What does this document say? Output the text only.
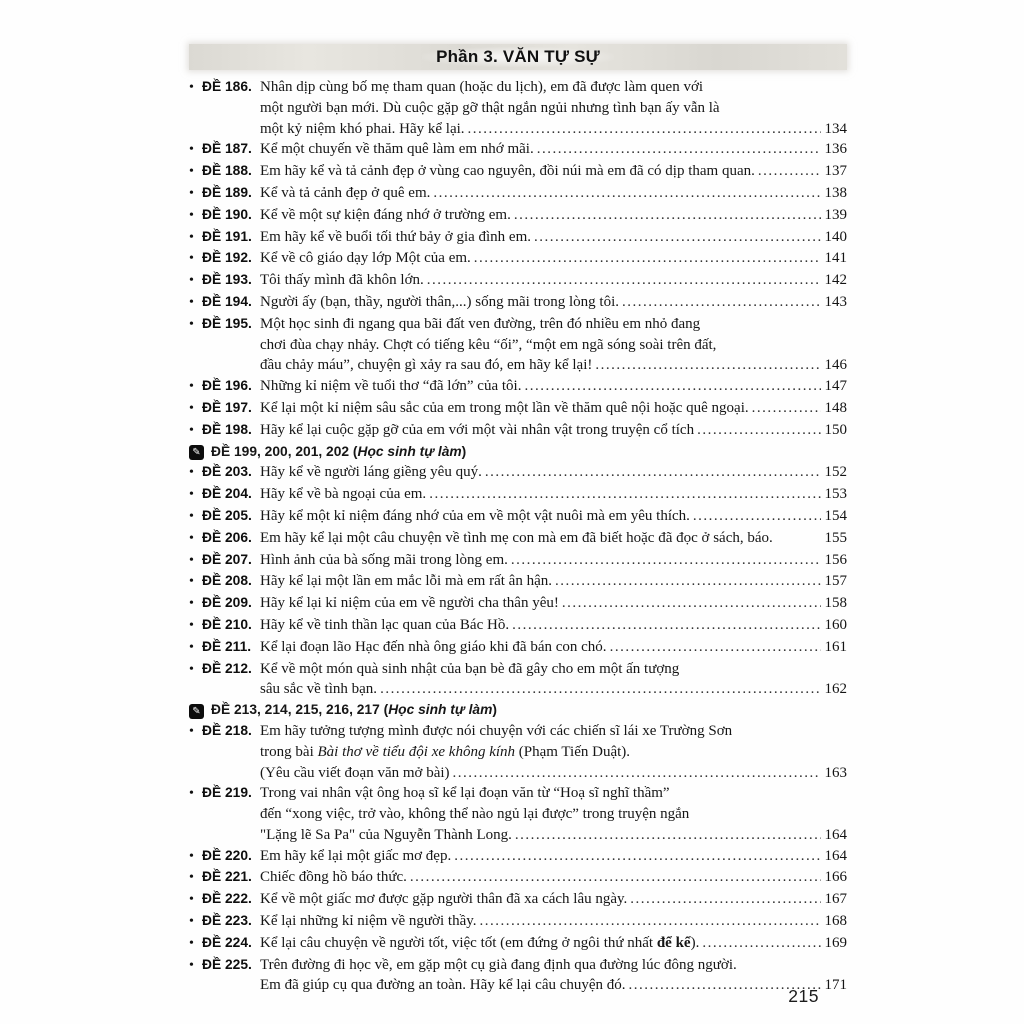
Phần 3. VĂN TỰ SỰ
• ĐỀ 186. Nhân dịp cùng bố mẹ tham quan (hoặc du lịch), em đã được làm quen với
một người bạn mới. Dù cuộc gặp gỡ thật ngắn ngủi nhưng tình bạn ấy vẫn là
một kỷ niệm khó phai. Hãy kể lại. .....	134
• ĐỀ 187. Kể một chuyến về thăm quê làm em nhớ mãi. .....	136
• ĐỀ 188. Em hãy kể và tả cảnh đẹp ở vùng cao nguyên, đồi núi mà em đã có dịp tham quan. .....	137
• ĐỀ 189. Kể và tả cảnh đẹp ở quê em. .....	138
• ĐỀ 190. Kể về một sự kiện đáng nhớ ở trường em. .....	139
• ĐỀ 191. Em hãy kể về buổi tối thứ bảy ở gia đình em. .....	140
• ĐỀ 192. Kể về cô giáo dạy lớp Một của em. .....	141
• ĐỀ 193. Tôi thấy mình đã khôn lớn. .....	142
• ĐỀ 194. Người ấy (bạn, thầy, người thân,...) sống mãi trong lòng tôi. .....	143
• ĐỀ 195. Một học sinh đi ngang qua bãi đất ven đường, trên đó nhiều em nhỏ đang
chơi đùa chạy nhảy. Chợt có tiếng kêu “ối”, “một em ngã sóng soài trên đất,
đầu chảy máu”, chuyện gì xảy ra sau đó, em hãy kể lại! .....	146
• ĐỀ 196. Những kỉ niệm về tuổi thơ “đã lớn” của tôi. .....	147
• ĐỀ 197. Kể lại một kỉ niệm sâu sắc của em trong một lần về thăm quê nội hoặc quê ngoại. .....	148
• ĐỀ 198. Hãy kể lại cuộc gặp gỡ của em với một vài nhân vật trong truyện cổ tích .....	150
✎ ĐỀ 199, 200, 201, 202 (Học sinh tự làm)
• ĐỀ 203. Hãy kể về người láng giềng yêu quý. .....	152
• ĐỀ 204. Hãy kể về bà ngoại của em. .....	153
• ĐỀ 205. Hãy kể một kỉ niệm đáng nhớ của em về một vật nuôi mà em yêu thích. .....	154
• ĐỀ 206. Em hãy kể lại một câu chuyện về tình mẹ con mà em đã biết hoặc đã đọc ở sách, báo.	155
• ĐỀ 207. Hình ảnh của bà sống mãi trong lòng em. .....	156
• ĐỀ 208. Hãy kể lại một lần em mắc lỗi mà em rất ân hận. .....	157
• ĐỀ 209. Hãy kể lại kỉ niệm của em về người cha thân yêu! .....	158
• ĐỀ 210. Hãy kể về tinh thần lạc quan của Bác Hồ. .....	160
• ĐỀ 211. Kể lại đoạn lão Hạc đến nhà ông giáo khi đã bán con chó. .....	161
• ĐỀ 212. Kể về một món quà sinh nhật của bạn bè đã gây cho em một ấn tượng
sâu sắc về tình bạn. .....	162
✎ ĐỀ 213, 214, 215, 216, 217 (Học sinh tự làm)
• ĐỀ 218. Em hãy tưởng tượng mình được nói chuyện với các chiến sĩ lái xe Trường Sơn
trong bài Bài thơ về tiểu đội xe không kính (Phạm Tiến Duật).
(Yêu cầu viết đoạn văn mở bài) .....	163
• ĐỀ 219. Trong vai nhân vật ông hoạ sĩ kể lại đoạn văn từ “Hoạ sĩ nghĩ thầm”
đến “xong việc, trở vào, không thể nào ngủ lại được” trong truyện ngắn
"Lặng lẽ Sa Pa" của Nguyễn Thành Long. .....	164
• ĐỀ 220. Em hãy kể lại một giấc mơ đẹp. .....	164
• ĐỀ 221. Chiếc đồng hồ báo thức. .....	166
• ĐỀ 222. Kể về một giấc mơ được gặp người thân đã xa cách lâu ngày. .....	167
• ĐỀ 223. Kể lại những kỉ niệm về người thầy. .....	168
• ĐỀ 224. Kể lại câu chuyện về người tốt, việc tốt (em đứng ở ngôi thứ nhất để kể). .....	169
• ĐỀ 225. Trên đường đi học về, em gặp một cụ già đang định qua đường lúc đông người.
Em đã giúp cụ qua đường an toàn. Hãy kể lại câu chuyện đó. .....	171
215
